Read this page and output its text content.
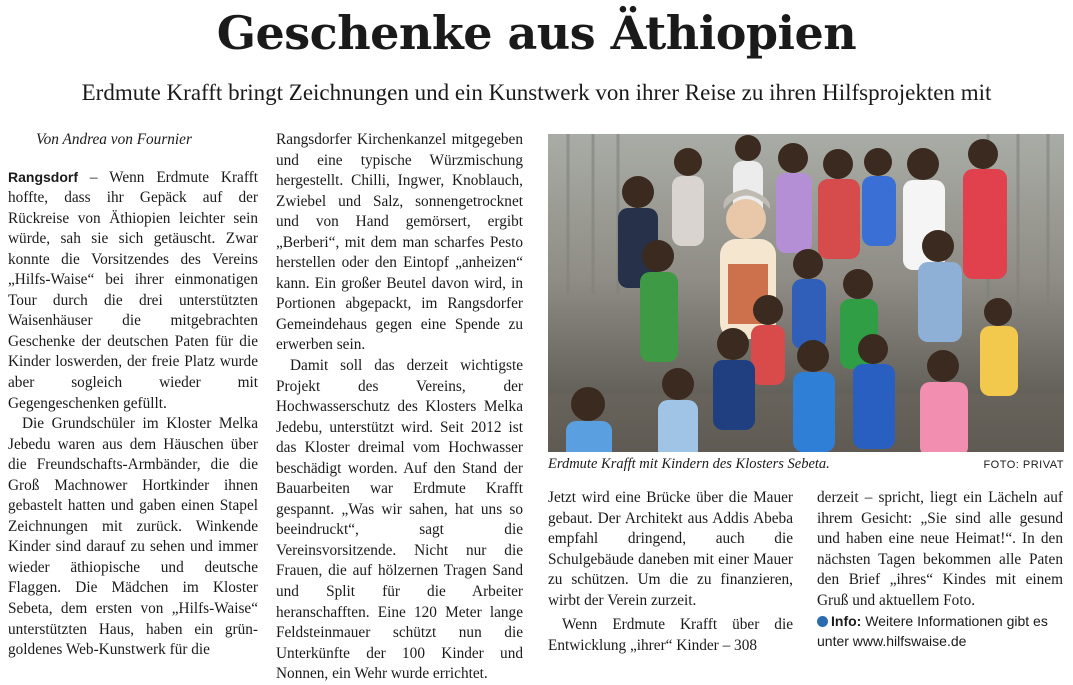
Geschenke aus Äthiopien
Erdmute Krafft bringt Zeichnungen und ein Kunstwerk von ihrer Reise zu ihren Hilfsprojekten mit

Von Andrea von Fournier

Rangsdorf – Wenn Erdmute Krafft hoffte, dass ihr Gepäck auf der Rückreise von Äthiopien leichter sein würde, sah sie sich getäuscht. Zwar konnte die Vorsitzendes des Vereins „Hilfs-Waise“ bei ihrer einmonatigen Tour durch die drei unterstützten Waisenhäuser die mitgebrachten Geschenke der deutschen Paten für die Kinder loswerden, der freie Platz wurde aber sogleich wieder mit Gegengeschenken gefüllt.

Die Grundschüler im Kloster Melka Jebedu waren aus dem Häuschen über die Freundschafts-Armbänder, die die Groß Machnower Hortkinder ihnen gebastelt hatten und gaben einen Stapel Zeichnungen mit zurück. Winkende Kinder sind darauf zu sehen und immer wieder äthiopische und deutsche Flaggen. Die Mädchen im Kloster Sebeta, dem ersten von „Hilfs-Waise“ unterstützten Haus, haben ein grün-goldenes Web-Kunstwerk für die

Rangsdorfer Kirchenkanzel mitgegeben und eine typische Würzmischung hergestellt. Chilli, Ingwer, Knoblauch, Zwiebel und Salz, sonnengetrocknet und von Hand gemörsert, ergibt „Berberi“, mit dem man scharfes Pesto herstellen oder den Eintopf „anheizen“ kann. Ein großer Beutel davon wird, in Portionen abgepackt, im Rangsdorfer Gemeindehaus gegen eine Spende zu erwerben sein.

Damit soll das derzeit wichtigste Projekt des Vereins, der Hochwasserschutz des Klosters Melka Jedebu, unterstützt wird. Seit 2012 ist das Kloster dreimal vom Hochwasser beschädigt worden. Auf den Stand der Bauarbeiten war Erdmute Krafft gespannt. „Was wir sahen, hat uns so beeindruckt“, sagt die Vereinsvorsitzende. Nicht nur die Frauen, die auf hölzernen Tragen Sand und Split für die Arbeiter heranschafften. Eine 120 Meter lange Feldsteinmauer schützt nun die Unterkünfte der 100 Kinder und Nonnen, ein Wehr wurde errichtet.

Erdmute Krafft mit Kindern des Klosters Sebeta.	FOTO: PRIVAT

Jetzt wird eine Brücke über die Mauer gebaut. Der Architekt aus Addis Abeba empfahl dringend, auch die Schulgebäude daneben mit einer Mauer zu schützen. Um die zu finanzieren, wirbt der Verein zurzeit.

Wenn Erdmute Krafft über die Entwicklung „ihrer“ Kinder – 308

derzeit – spricht, liegt ein Lächeln auf ihrem Gesicht: „Sie sind alle gesund und haben eine neue Heimat!“. In den nächsten Tagen bekommen alle Paten den Brief „ihres“ Kindes mit einem Gruß und aktuellem Foto.

Info: Weitere Informationen gibt es unter www.hilfswaise.de
